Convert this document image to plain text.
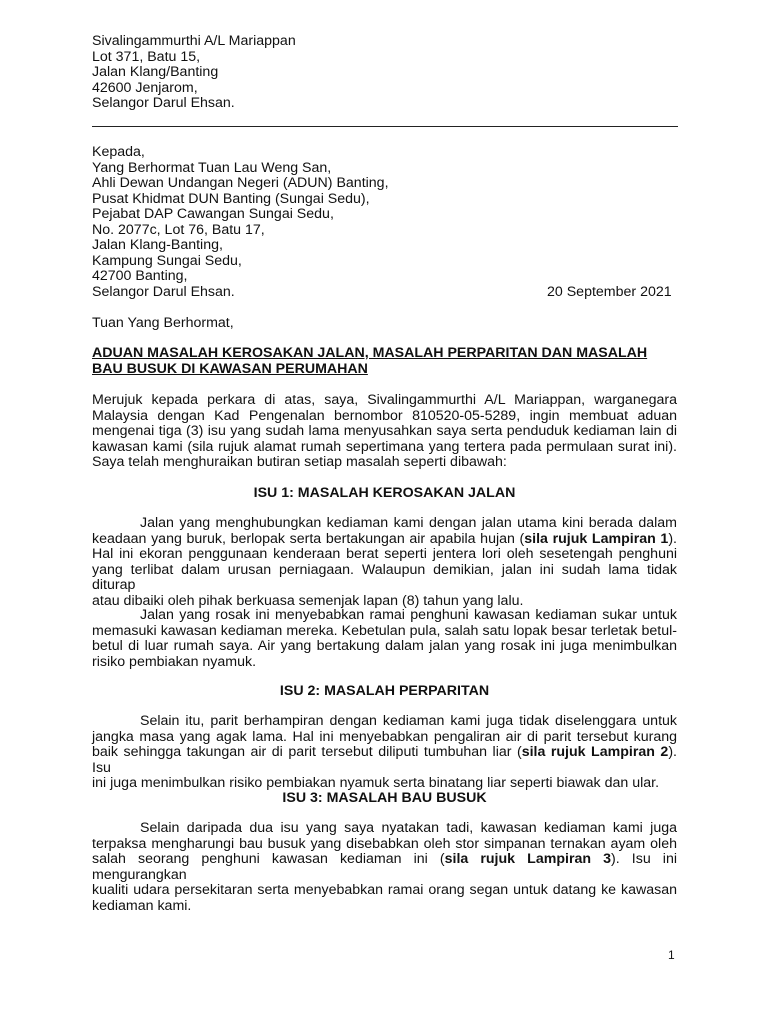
Sivalingammurthi A/L Mariappan
Lot 371, Batu 15,
Jalan Klang/Banting
42600 Jenjarom,
Selangor Darul Ehsan.
Kepada,
Yang Berhormat Tuan Lau Weng San,
Ahli Dewan Undangan Negeri (ADUN) Banting,
Pusat Khidmat DUN Banting (Sungai Sedu),
Pejabat DAP Cawangan Sungai Sedu,
No. 2077c, Lot 76, Batu 17,
Jalan Klang-Banting,
Kampung Sungai Sedu,
42700 Banting,
Selangor Darul Ehsan.	20 September 2021
Tuan Yang Berhormat,
ADUAN MASALAH KEROSAKAN JALAN, MASALAH PERPARITAN DAN MASALAH
BAU BUSUK DI KAWASAN PERUMAHAN
Merujuk kepada perkara di atas, saya, Sivalingammurthi A/L Mariappan, warganegara
Malaysia dengan Kad Pengenalan bernombor 810520-05-5289, ingin membuat aduan
mengenai tiga (3) isu yang sudah lama menyusahkan saya serta penduduk kediaman lain di
kawasan kami (sila rujuk alamat rumah sepertimana yang tertera pada permulaan surat ini).
Saya telah menghuraikan butiran setiap masalah seperti dibawah:
ISU 1: MASALAH KEROSAKAN JALAN
Jalan yang menghubungkan kediaman kami dengan jalan utama kini berada dalam
keadaan yang buruk, berlopak serta bertakungan air apabila hujan (sila rujuk Lampiran 1).
Hal ini ekoran penggunaan kenderaan berat seperti jentera lori oleh sesetengah penghuni
yang terlibat dalam urusan perniagaan. Walaupun demikian, jalan ini sudah lama tidak diturap
atau dibaiki oleh pihak berkuasa semenjak lapan (8) tahun yang lalu.
Jalan yang rosak ini menyebabkan ramai penghuni kawasan kediaman sukar untuk
memasuki kawasan kediaman mereka. Kebetulan pula, salah satu lopak besar terletak betul-
betul di luar rumah saya. Air yang bertakung dalam jalan yang rosak ini juga menimbulkan
risiko pembiakan nyamuk.
ISU 2: MASALAH PERPARITAN
Selain itu, parit berhampiran dengan kediaman kami juga tidak diselenggara untuk
jangka masa yang agak lama. Hal ini menyebabkan pengaliran air di parit tersebut kurang
baik sehingga takungan air di parit tersebut diliputi tumbuhan liar (sila rujuk Lampiran 2). Isu
ini juga menimbulkan risiko pembiakan nyamuk serta binatang liar seperti biawak dan ular.
ISU 3: MASALAH BAU BUSUK
Selain daripada dua isu yang saya nyatakan tadi, kawasan kediaman kami juga
terpaksa mengharungi bau busuk yang disebabkan oleh stor simpanan ternakan ayam oleh
salah seorang penghuni kawasan kediaman ini (sila rujuk Lampiran 3). Isu ini mengurangkan
kualiti udara persekitaran serta menyebabkan ramai orang segan untuk datang ke kawasan
kediaman kami.
1
